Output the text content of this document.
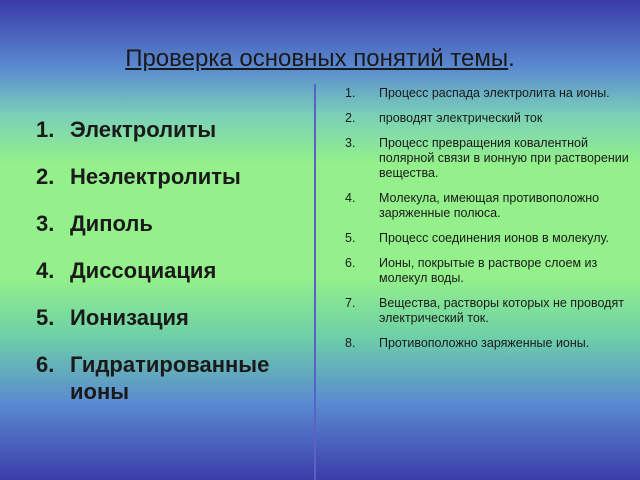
Проверка основных понятий темы.
1. Электролиты
2. Неэлектролиты
3. Диполь
4. Диссоциация
5. Ионизация
6. Гидратированные ионы
1.	Процесс распада электролита на ионы.
2.	проводят электрический ток
3.	Процесс превращения ковалентной полярной связи в ионную при растворении вещества.
4.	Молекула, имеющая противоположно заряженные полюса.
5.	Процесс соединения ионов в молекулу.
6.	Ионы, покрытые в растворе слоем из молекул воды.
7.	Вещества, растворы которых не проводят электрический ток.
8.	Противоположно заряженные ионы.
